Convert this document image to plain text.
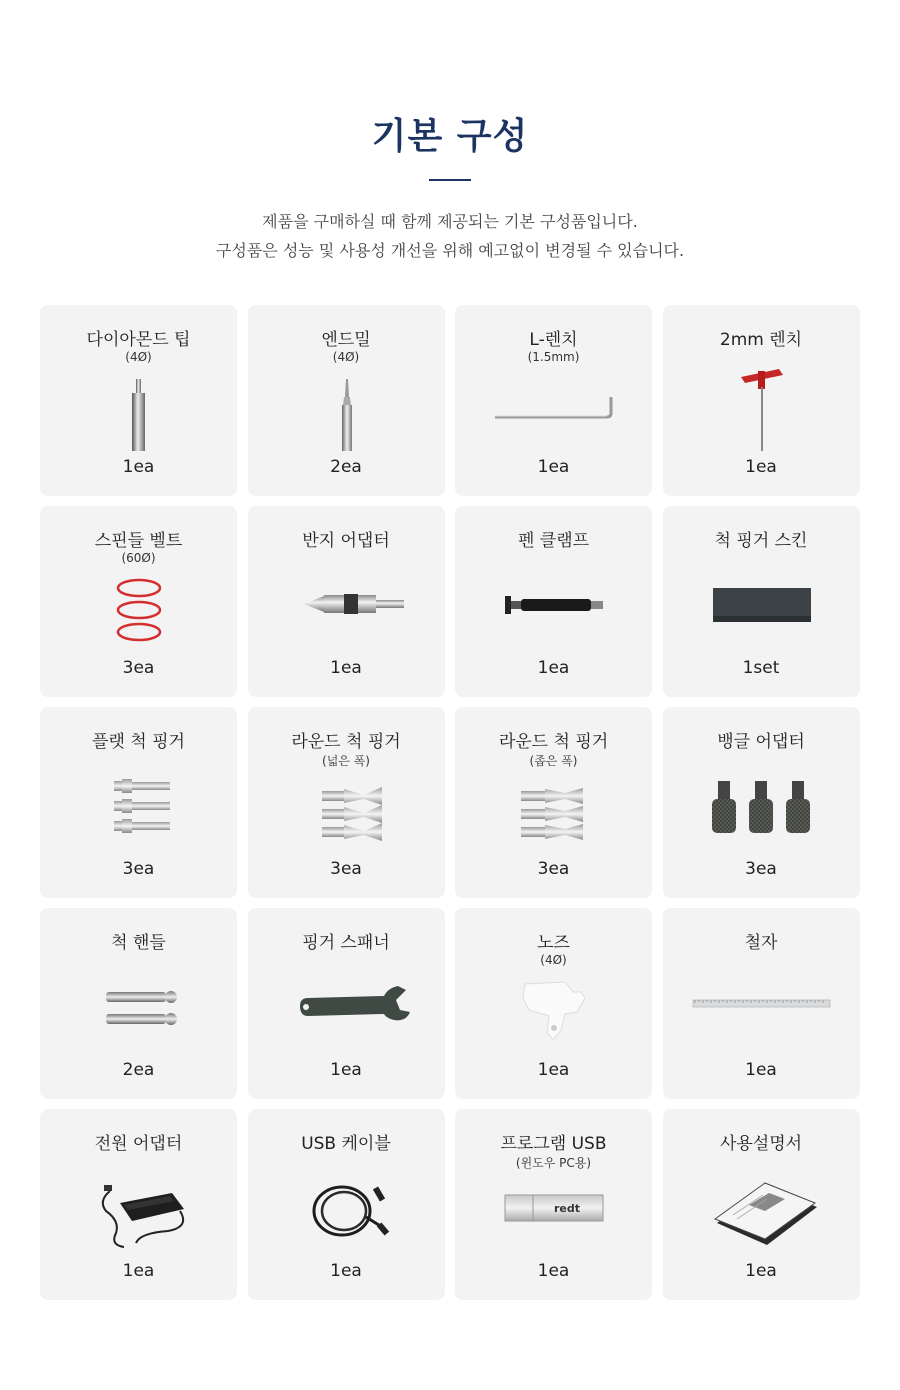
기본 구성
제품을 구매하실 때 함께 제공되는 기본 구성품입니다.
구성품은 성능 및 사용성 개선을 위해 예고없이 변경될 수 있습니다.
다이아몬드 팁
(4Ø)
1ea
엔드밀
(4Ø)
2ea
L-렌치
(1.5mm)
1ea
2mm 렌치
1ea
스핀들 벨트
(60Ø)
3ea
반지 어댑터
1ea
펜 클램프
1ea
척 핑거 스킨
1set
플랫 척 핑거
3ea
라운드 척 핑거
(넓은 폭)
3ea
라운드 척 핑거
(좁은 폭)
3ea
뱅글 어댑터
3ea
척 핸들
2ea
핑거 스패너
1ea
노즈
(4Ø)
1ea
철자
1ea
전원 어댑터
1ea
USB 케이블
1ea
프로그램 USB
(윈도우 PC용)
redt
1ea
사용설명서
1ea
